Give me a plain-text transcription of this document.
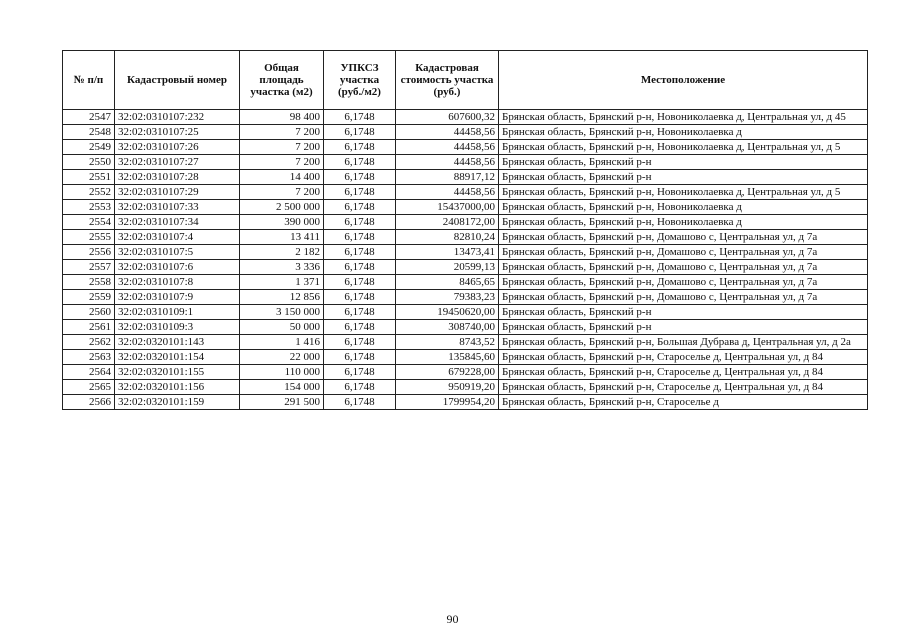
№ п/п	Кадастровый номер	Общая площадь участка (м2)	УПКСЗ участка (руб./м2)	Кадастровая стоимость участка (руб.)	Местоположение
2547	32:02:0310107:232	98 400	6,1748	607600,32	Брянская область, Брянский р-н, Новониколаевка д, Центральная ул, д 45
2548	32:02:0310107:25	7 200	6,1748	44458,56	Брянская область, Брянский р-н, Новониколаевка д
2549	32:02:0310107:26	7 200	6,1748	44458,56	Брянская область, Брянский р-н, Новониколаевка д, Центральная ул, д 5
2550	32:02:0310107:27	7 200	6,1748	44458,56	Брянская область, Брянский р-н
2551	32:02:0310107:28	14 400	6,1748	88917,12	Брянская область, Брянский р-н
2552	32:02:0310107:29	7 200	6,1748	44458,56	Брянская область, Брянский р-н, Новониколаевка д, Центральная ул, д 5
2553	32:02:0310107:33	2 500 000	6,1748	15437000,00	Брянская область, Брянский р-н, Новониколаевка д
2554	32:02:0310107:34	390 000	6,1748	2408172,00	Брянская область, Брянский р-н, Новониколаевка д
2555	32:02:0310107:4	13 411	6,1748	82810,24	Брянская область, Брянский р-н, Домашово с, Центральная ул, д 7а
2556	32:02:0310107:5	2 182	6,1748	13473,41	Брянская область, Брянский р-н, Домашово с, Центральная ул, д 7а
2557	32:02:0310107:6	3 336	6,1748	20599,13	Брянская область, Брянский р-н, Домашово с, Центральная ул, д 7а
2558	32:02:0310107:8	1 371	6,1748	8465,65	Брянская область, Брянский р-н, Домашово с, Центральная ул, д 7а
2559	32:02:0310107:9	12 856	6,1748	79383,23	Брянская область, Брянский р-н, Домашово с, Центральная ул, д 7а
2560	32:02:0310109:1	3 150 000	6,1748	19450620,00	Брянская область, Брянский р-н
2561	32:02:0310109:3	50 000	6,1748	308740,00	Брянская область, Брянский р-н
2562	32:02:0320101:143	1 416	6,1748	8743,52	Брянская область, Брянский р-н, Большая Дубрава д, Центральная ул, д 2а
2563	32:02:0320101:154	22 000	6,1748	135845,60	Брянская область, Брянский р-н, Староселье д, Центральная ул, д 84
2564	32:02:0320101:155	110 000	6,1748	679228,00	Брянская область, Брянский р-н, Староселье д, Центральная ул, д 84
2565	32:02:0320101:156	154 000	6,1748	950919,20	Брянская область, Брянский р-н, Староселье д, Центральная ул, д 84
2566	32:02:0320101:159	291 500	6,1748	1799954,20	Брянская область, Брянский р-н, Староселье д
90
